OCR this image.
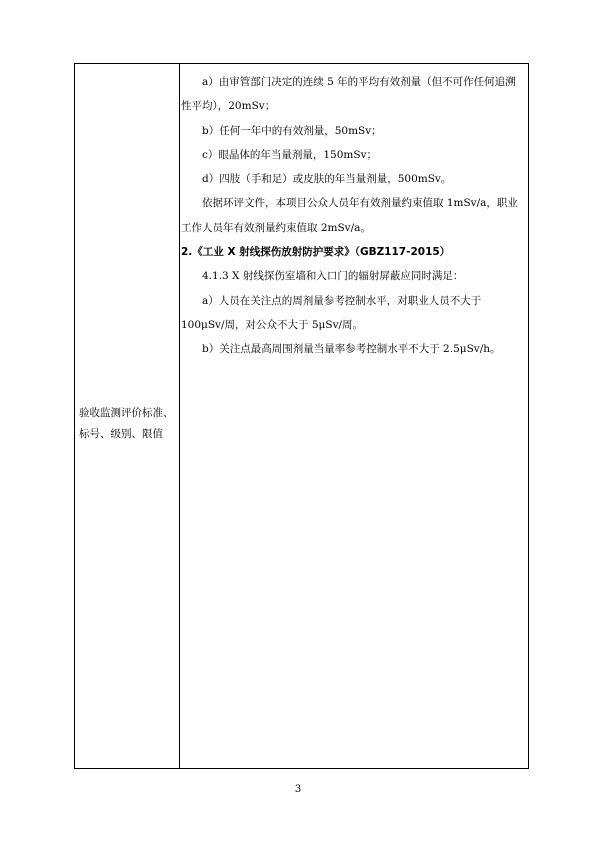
验收监测评价标准、标号、级别、限值

a）由审管部门决定的连续 5 年的平均有效剂量（但不可作任何追溯性平均），20mSv；

b）任何一年中的有效剂量，50mSv；

c）眼晶体的年当量剂量，150mSv；

d）四肢（手和足）或皮肤的年当量剂量，500mSv。

依据环评文件，本项目公众人员年有效剂量约束值取 1mSv/a，职业工作人员年有效剂量约束值取 2mSv/a。

2.《工业 X 射线探伤放射防护要求》（GBZ117-2015）

4.1.3 X 射线探伤室墙和入口门的辐射屏蔽应同时满足：

a）人员在关注点的周剂量参考控制水平，对职业人员不大于 100μSv/周，对公众不大于 5μSv/周。

b）关注点最高周围剂量当量率参考控制水平不大于 2.5μSv/h。

3
